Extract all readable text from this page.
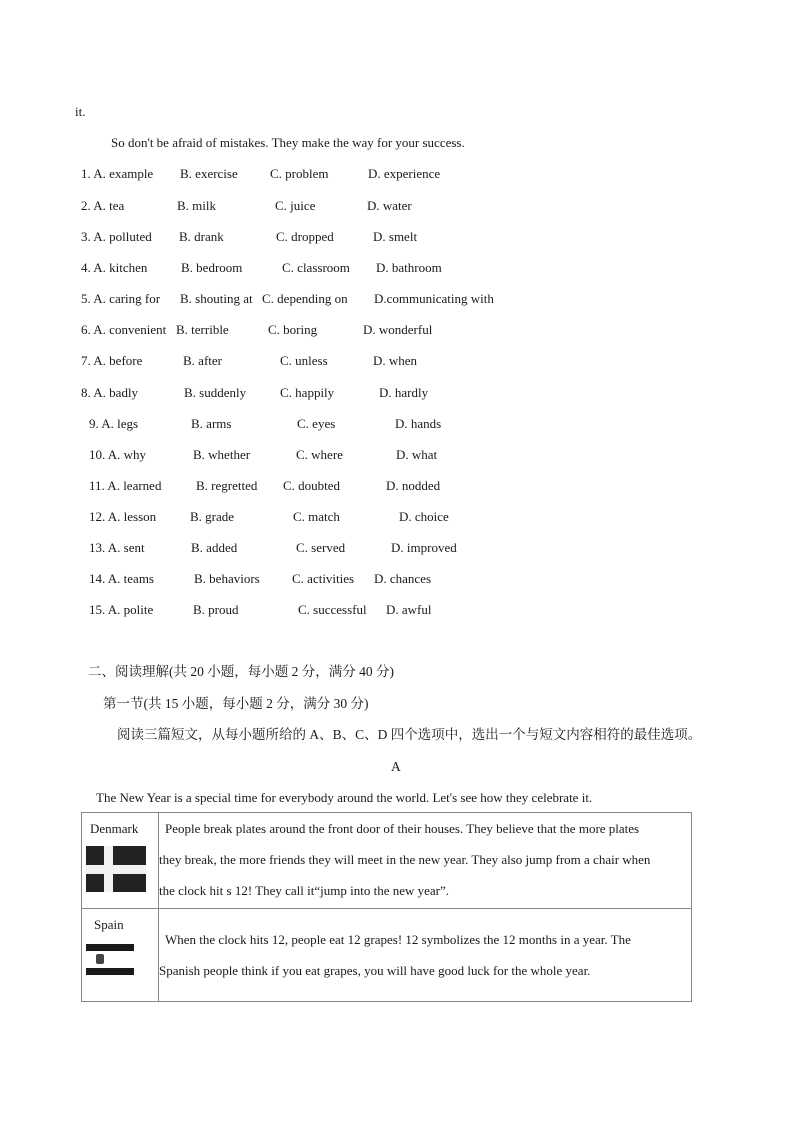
it.
So don't be afraid of mistakes. They make the way for your success.
1. A. example B. exercise C. problem	D. experience
2. A. tea	B. milk	C. juice	D. water
3. A. polluted B. drank	C. dropped	D. smelt
4. A. kitchen	B. bedroom	C. classroom D. bathroom
5. A. caring for B. shouting at C. depending on D.communicating with
6. A. convenient B. terrible	C. boring	D. wonderful
7. A. before	B. after	C. unless	D. when
8. A. badly	B. suddenly	C. happily	D. hardly
9. A. legs	B. arms	C. eyes	D. hands
10. A. why	B. whether	C. where	D. what
11. A. learned	B. regretted C. doubted	D. nodded
12. A. lesson	B. grade	C. match	D. choice
13. A. sent	B. added	C. served	D. improved
14. A. teams	B. behaviors C. activities D. chances
15. A. polite	B. proud	C. successful D. awful
二、阅读理解(共 20 小题，每小题 2 分，满分 40 分)
第一节(共 15 小题，每小题 2 分，满分 30 分)
阅读三篇短文，从每小题所给的 A、B、C、D 四个选项中，选出一个与短文内容相符的最佳选项。
A
The New Year is a special time for everybody around the world. Let's see how they celebrate it.
Denmark	People break plates around the front door of their houses. They believe that the more plates
they break, the more friends they will meet in the new year. They also jump from a chair when
the clock hit s 12! They call it“jump into the new year”.

Spain	When the clock hits 12, people eat 12 grapes! 12 symbolizes the 12 months in a year. The
Spanish people think if you eat grapes, you will have good luck for the whole year.
